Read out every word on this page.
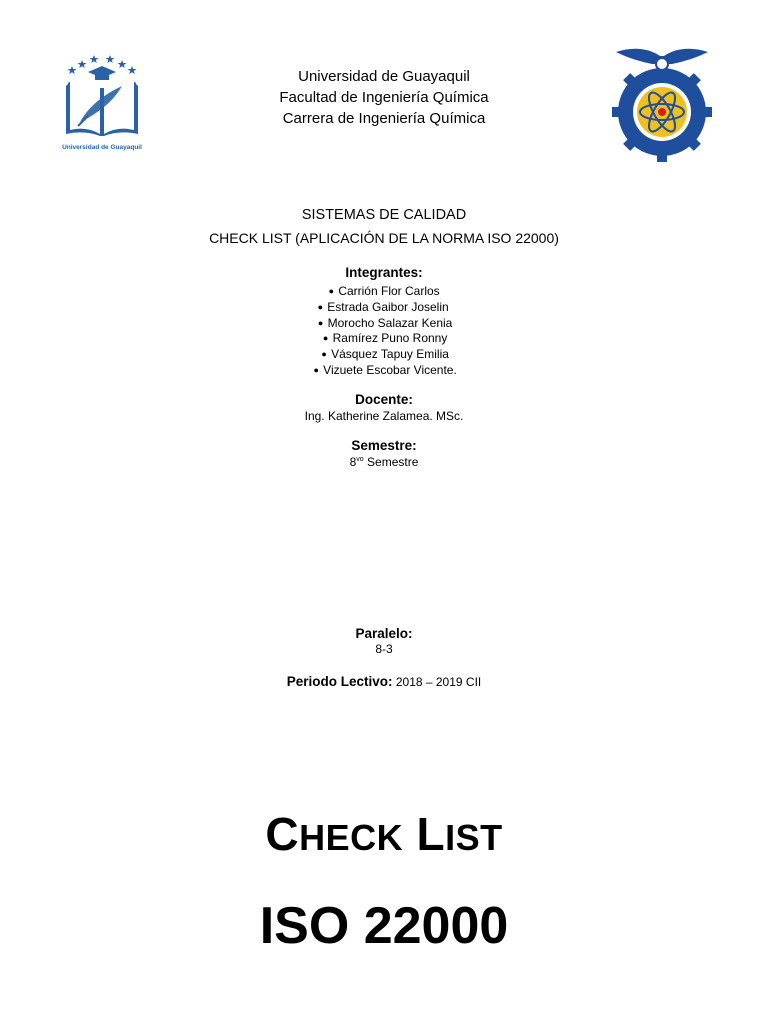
Universidad de Guayaquil
Universidad de Guayaquil
Facultad de Ingeniería Química
Carrera de Ingeniería Química
SISTEMAS DE CALIDAD
CHECK LIST (APLICACIÓN DE LA NORMA ISO 22000)
Integrantes:
● Carrión Flor Carlos
● Estrada Gaibor Joselin
● Morocho Salazar Kenia
● Ramírez Puno Ronny
● Vásquez Tapuy Emilia
● Vizuete Escobar Vicente.
Docente:
Ing. Katherine Zalamea. MSc.
Semestre:
$8^{vo}$ Semestre
Paralelo:
8-3
Periodo Lectivo: 2018 – 2019 CII
CHECK LIST
ISO 22000
